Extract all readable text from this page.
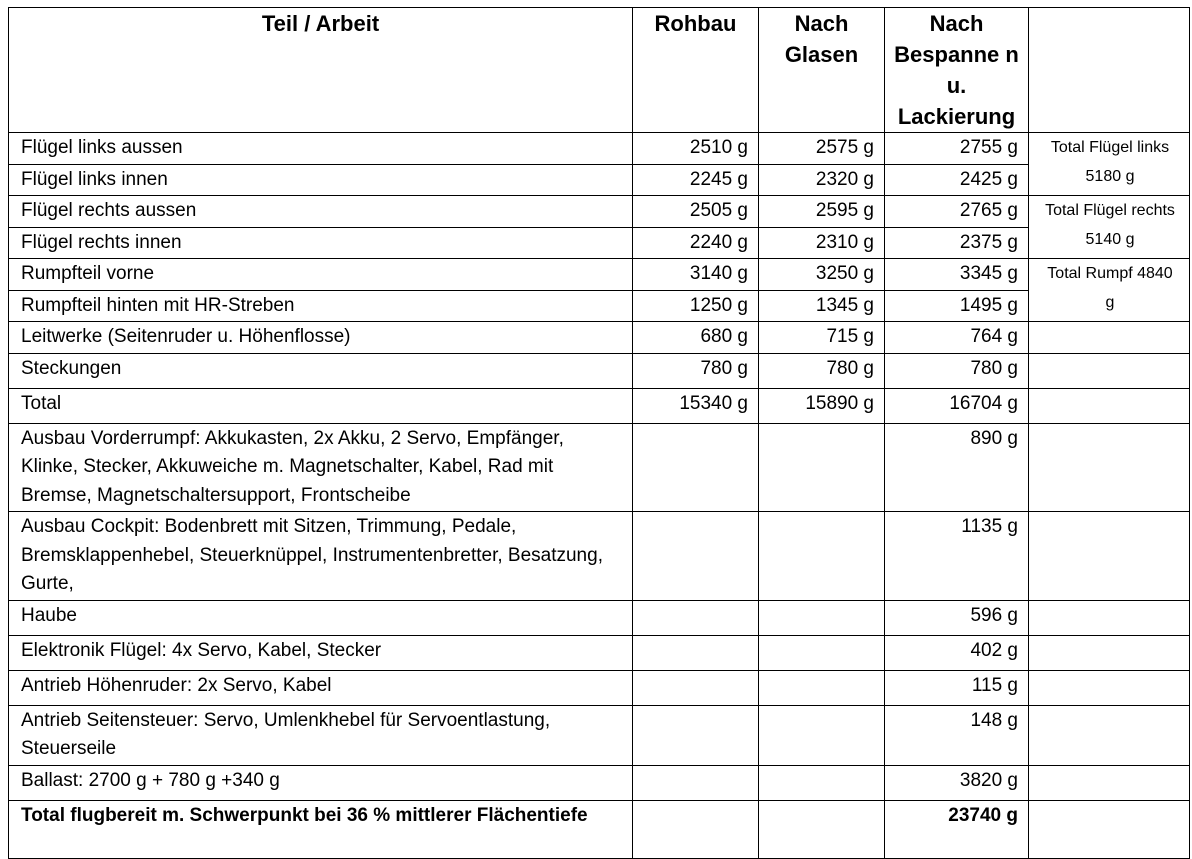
Teil / Arbeit	Rohbau	Nach Glasen	Nach Bespanne n u. Lackierung	
Flügel links aussen	2510 g	2575 g	2755 g	Total Flügel links 5180 g
Flügel links innen	2245 g	2320 g	2425 g	
Flügel rechts aussen	2505 g	2595 g	2765 g	Total Flügel rechts 5140 g
Flügel rechts innen	2240 g	2310 g	2375 g	
Rumpfteil vorne	3140 g	3250 g	3345 g	Total Rumpf 4840 g
Rumpfteil hinten mit HR-Streben	1250 g	1345 g	1495 g	
Leitwerke (Seitenruder u. Höhenflosse)	680 g	715 g	764 g	
Steckungen	780 g	780 g	780 g	
Total	15340 g	15890 g	16704 g	
Ausbau Vorderrumpf: Akkukasten, 2x Akku, 2 Servo, Empfänger, Klinke, Stecker, Akkuweiche m. Magnetschalter, Kabel, Rad mit Bremse, Magnetschaltersupport, Frontscheibe			890 g	
Ausbau Cockpit: Bodenbrett mit Sitzen, Trimmung, Pedale, Bremsklappenhebel, Steuerknüppel, Instrumentenbretter, Besatzung, Gurte,			1135 g	
Haube			596 g	
Elektronik Flügel: 4x Servo, Kabel, Stecker			402 g	
Antrieb Höhenruder: 2x Servo, Kabel			115 g	
Antrieb Seitensteuer: Servo, Umlenkhebel für Servoentlastung, Steuerseile			148 g	
Ballast: 2700 g + 780 g +340 g			3820 g	
Total flugbereit m. Schwerpunkt bei 36 % mittlerer Flächentiefe			23740 g	
